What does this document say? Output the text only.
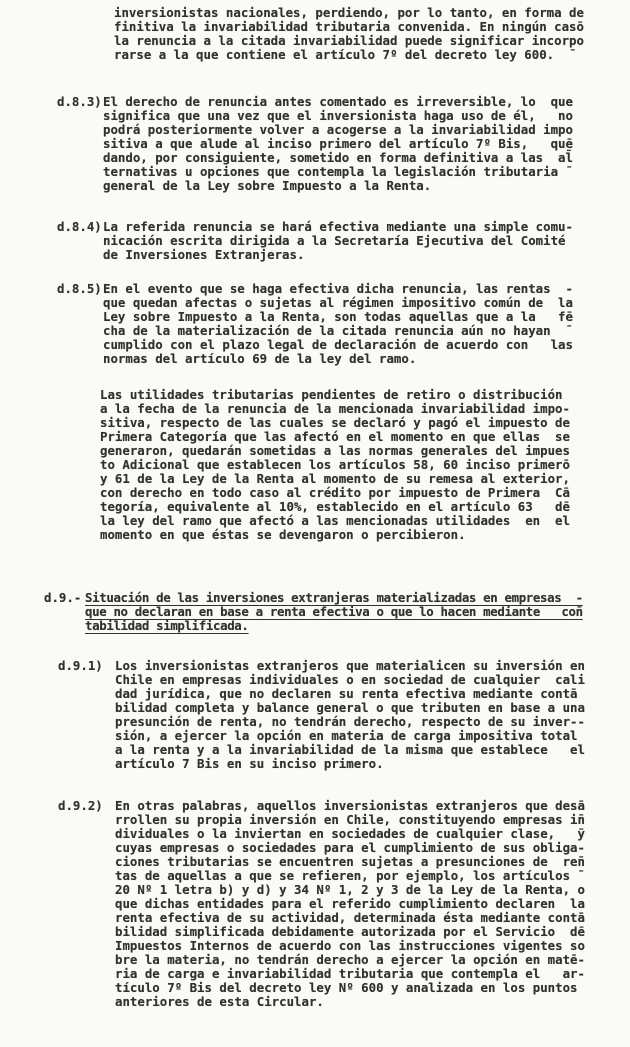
inversionistas nacionales, perdiendo, por lo tanto, en forma de
finitiva la invariabilidad tributaria convenida. En ningún casō
la renuncia a la citada invariabilidad puede significar incorpo
rarse a la que contiene el artículo 7º del decreto ley 600.  ¯
d.8.3) El derecho de renuncia antes comentado es irreversible, lo  que
significa que una vez que el inversionista haga uso de él,   no
podrá posteriormente volver a acogerse a la invariabilidad impo
sitiva a que alude al inciso primero del artículo 7º Bis,   quē
dando, por consiguiente, sometido en forma definitiva a las  al̄
ternativas u opciones que contempla la legislación tributaria ¯
general de la Ley sobre Impuesto a la Renta.
d.8.4) La referida renuncia se hará efectiva mediante una simple comu-
nicación escrita dirigida a la Secretaría Ejecutiva del Comité
de Inversiones Extranjeras.
d.8.5) En el evento que se haga efectiva dicha renuncia, las rentas  -
que quedan afectas o sujetas al régimen impositivo común de  la
Ley sobre Impuesto a la Renta, son todas aquellas que a la   fē
cha de la materialización de la citada renuncia aún no hayan  ¯
cumplido con el plazo legal de declaración de acuerdo con   las
normas del artículo 69 de la ley del ramo.
Las utilidades tributarias pendientes de retiro o distribución
a la fecha de la renuncia de la mencionada invariabilidad impo-
sitiva, respecto de las cuales se declaró y pagó el impuesto de
Primera Categoría que las afectó en el momento en que ellas  se
generaron, quedarán sometidas a las normas generales del impues
to Adicional que establecen los artículos 58, 60 inciso primerō
y 61 de la Ley de la Renta al momento de su remesa al exterior,
con derecho en todo caso al crédito por impuesto de Primera  Cā
tegoría, equivalente al 10%, establecido en el artículo 63   dē
la ley del ramo que afectó a las mencionadas utilidades  en  el
momento en que éstas se devengaron o percibieron.
d.9.- Situación de las inversiones extranjeras materializadas en empresas  -
que no declaran en base a renta efectiva o que lo hacen mediante   con̄
tabilidad simplificada.
d.9.1) Los inversionistas extranjeros que materialicen su inversión en
Chile en empresas individuales o en sociedad de cualquier  cali
dad jurídica, que no declaren su renta efectiva mediante contā
bilidad completa y balance general o que tributen en base a una
presunción de renta, no tendrán derecho, respecto de su inver--
sión, a ejercer la opción en materia de carga impositiva total
a la renta y a la invariabilidad de la misma que establece   el
artículo 7 Bis en su inciso primero.
d.9.2) En otras palabras, aquellos inversionistas extranjeros que desā
rrollen su propia inversión en Chile, constituyendo empresas in̄
dividuales o la inviertan en sociedades de cualquier clase,   ȳ
cuyas empresas o sociedades para el cumplimiento de sus obliga-
ciones tributarias se encuentren sujetas a presunciones de  ren̄
tas de aquellas a que se refieren, por ejemplo, los artículos ¯
20 Nº 1 letra b) y d) y 34 Nº 1, 2 y 3 de la Ley de la Renta, o
que dichas entidades para el referido cumplimiento declaren  la
renta efectiva de su actividad, determinada ésta mediante contā
bilidad simplificada debidamente autorizada por el Servicio  dē
Impuestos Internos de acuerdo con las instrucciones vigentes so
bre la materia, no tendrán derecho a ejercer la opción en matē-
ria de carga e invariabilidad tributaria que contempla el   ar-
tículo 7º Bis del decreto ley Nº 600 y analizada en los puntos
anteriores de esta Circular.
